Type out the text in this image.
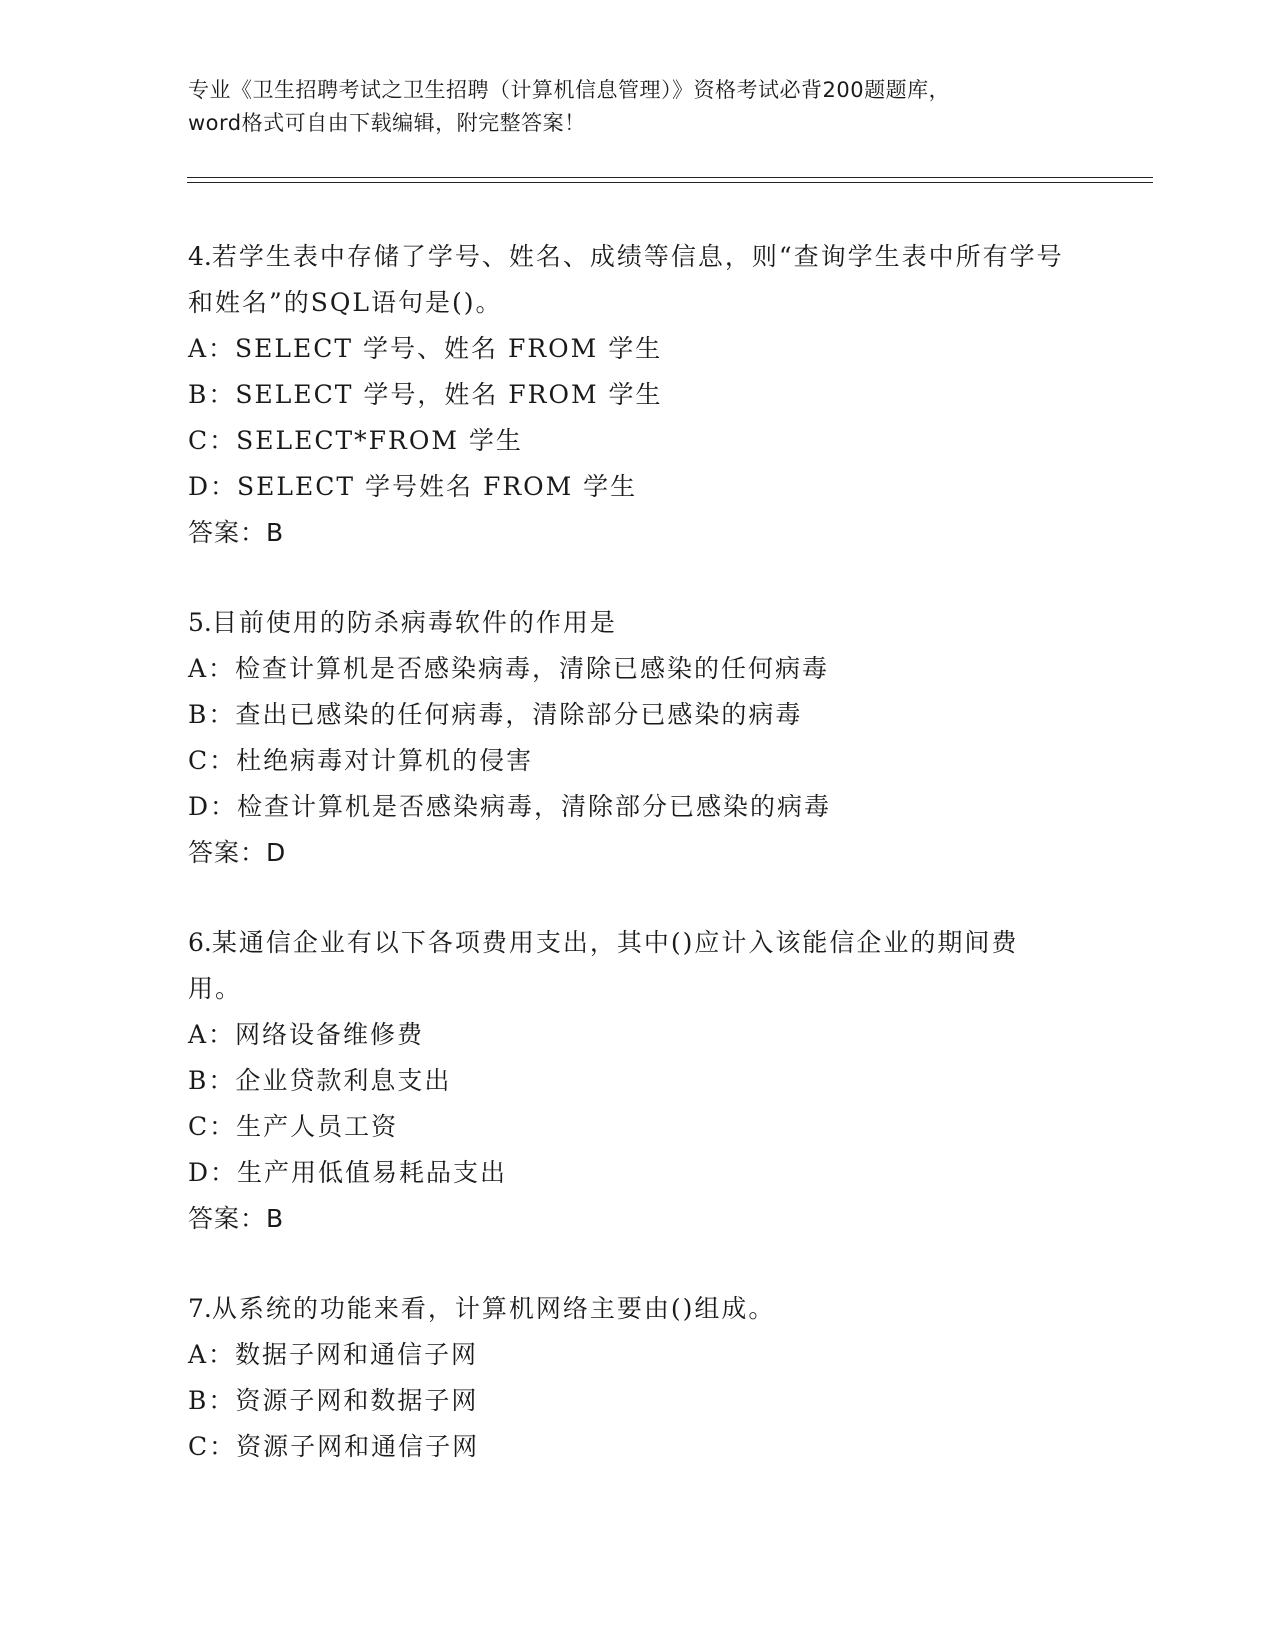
专业《卫生招聘考试之卫生招聘（计算机信息管理）》资格考试必背200题题库，
word格式可自由下载编辑，附完整答案！
4.若学生表中存储了学号、姓名、成绩等信息，则“查询学生表中所有学号和姓名”的SQL语句是()。
A：SELECT 学号、姓名 FROM 学生
B：SELECT 学号，姓名 FROM 学生
C：SELECT*FROM 学生
D：SELECT 学号姓名 FROM 学生
答案：B
5.目前使用的防杀病毒软件的作用是
A：检查计算机是否感染病毒，清除已感染的任何病毒
B：查出已感染的任何病毒，清除部分已感染的病毒
C：杜绝病毒对计算机的侵害
D：检查计算机是否感染病毒，清除部分已感染的病毒
答案：D
6.某通信企业有以下各项费用支出，其中()应计入该能信企业的期间费用。
A：网络设备维修费
B：企业贷款利息支出
C：生产人员工资
D：生产用低值易耗品支出
答案：B
7.从系统的功能来看，计算机网络主要由()组成。
A：数据子网和通信子网
B：资源子网和数据子网
C：资源子网和通信子网
